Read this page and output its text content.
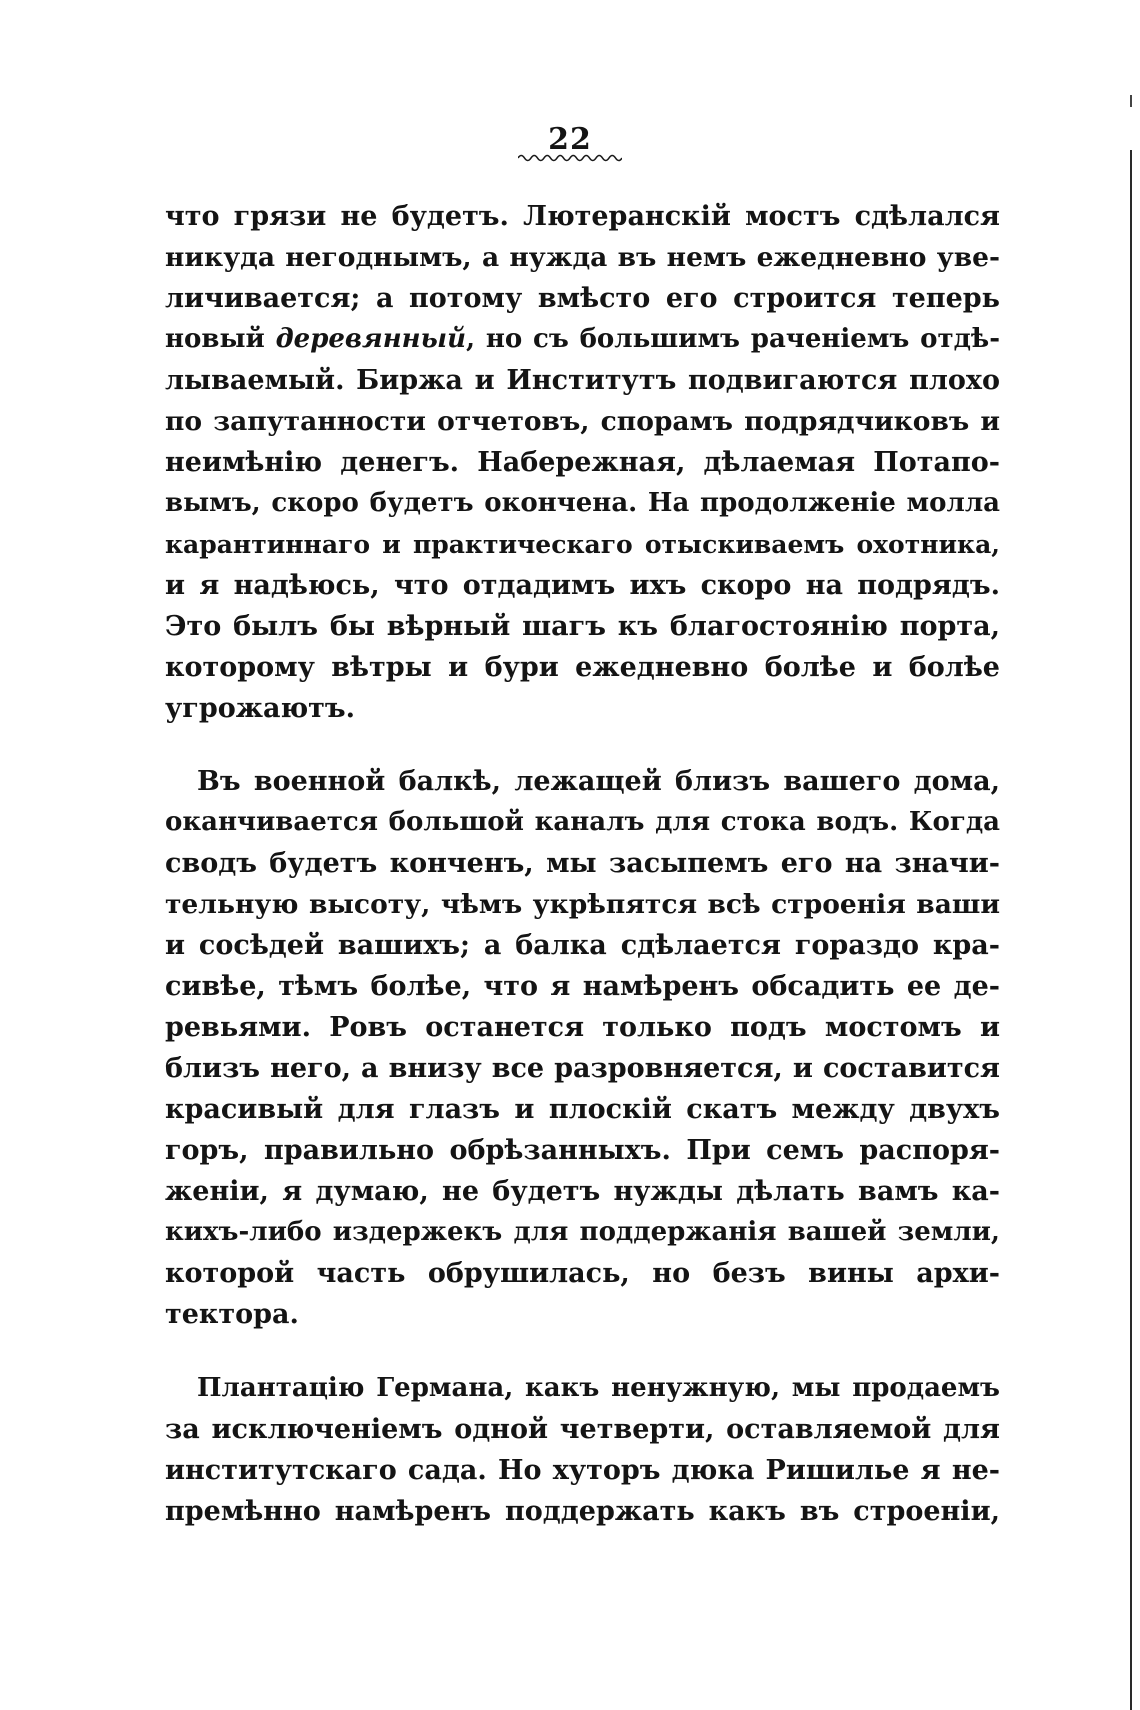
22
что грязи не будетъ. Лютеранскій мостъ сдѣлался
никуда негоднымъ, а нужда въ немъ ежедневно уве-
личивается; а потому вмѣсто его строится теперь
новый деревянный, но съ большимъ раченіемъ отдѣ-
лываемый. Биржа и Институтъ подвигаются плохо
по запутанности отчетовъ, спорамъ подрядчиковъ и
неимѣнію денегъ. Набережная, дѣлаемая Потапо-
вымъ, скоро будетъ окончена. На продолженіе молла
карантиннаго и практическаго отыскиваемъ охотника,
и я надѣюсь, что отдадимъ ихъ скоро на подрядъ.
Это былъ бы вѣрный шагъ къ благостоянію порта,
которому вѣтры и бури ежедневно болѣе и болѣе
угрожаютъ.
Въ военной балкѣ, лежащей близъ вашего дома,
оканчивается большой каналъ для стока водъ. Когда
сводъ будетъ конченъ, мы засыпемъ его на значи-
тельную высоту, чѣмъ укрѣпятся всѣ строенія ваши
и сосѣдей вашихъ; а балка сдѣлается гораздо кра-
сивѣе, тѣмъ болѣе, что я намѣренъ обсадить ее де-
ревьями. Ровъ останется только подъ мостомъ и
близъ него, а внизу все разровняется, и составится
красивый для глазъ и плоскій скатъ между двухъ
горъ, правильно обрѣзанныхъ. При семъ распоря-
женіи, я думаю, не будетъ нужды дѣлать вамъ ка-
кихъ-либо издержекъ для поддержанія вашей земли,
которой часть обрушилась, но безъ вины архи-
тектора.
Плантацію Германа, какъ ненужную, мы продаемъ
за исключеніемъ одной четверти, оставляемой для
институтскаго сада. Но хуторъ дюка Ришилье я не-
премѣнно намѣренъ поддержать какъ въ строеніи,
